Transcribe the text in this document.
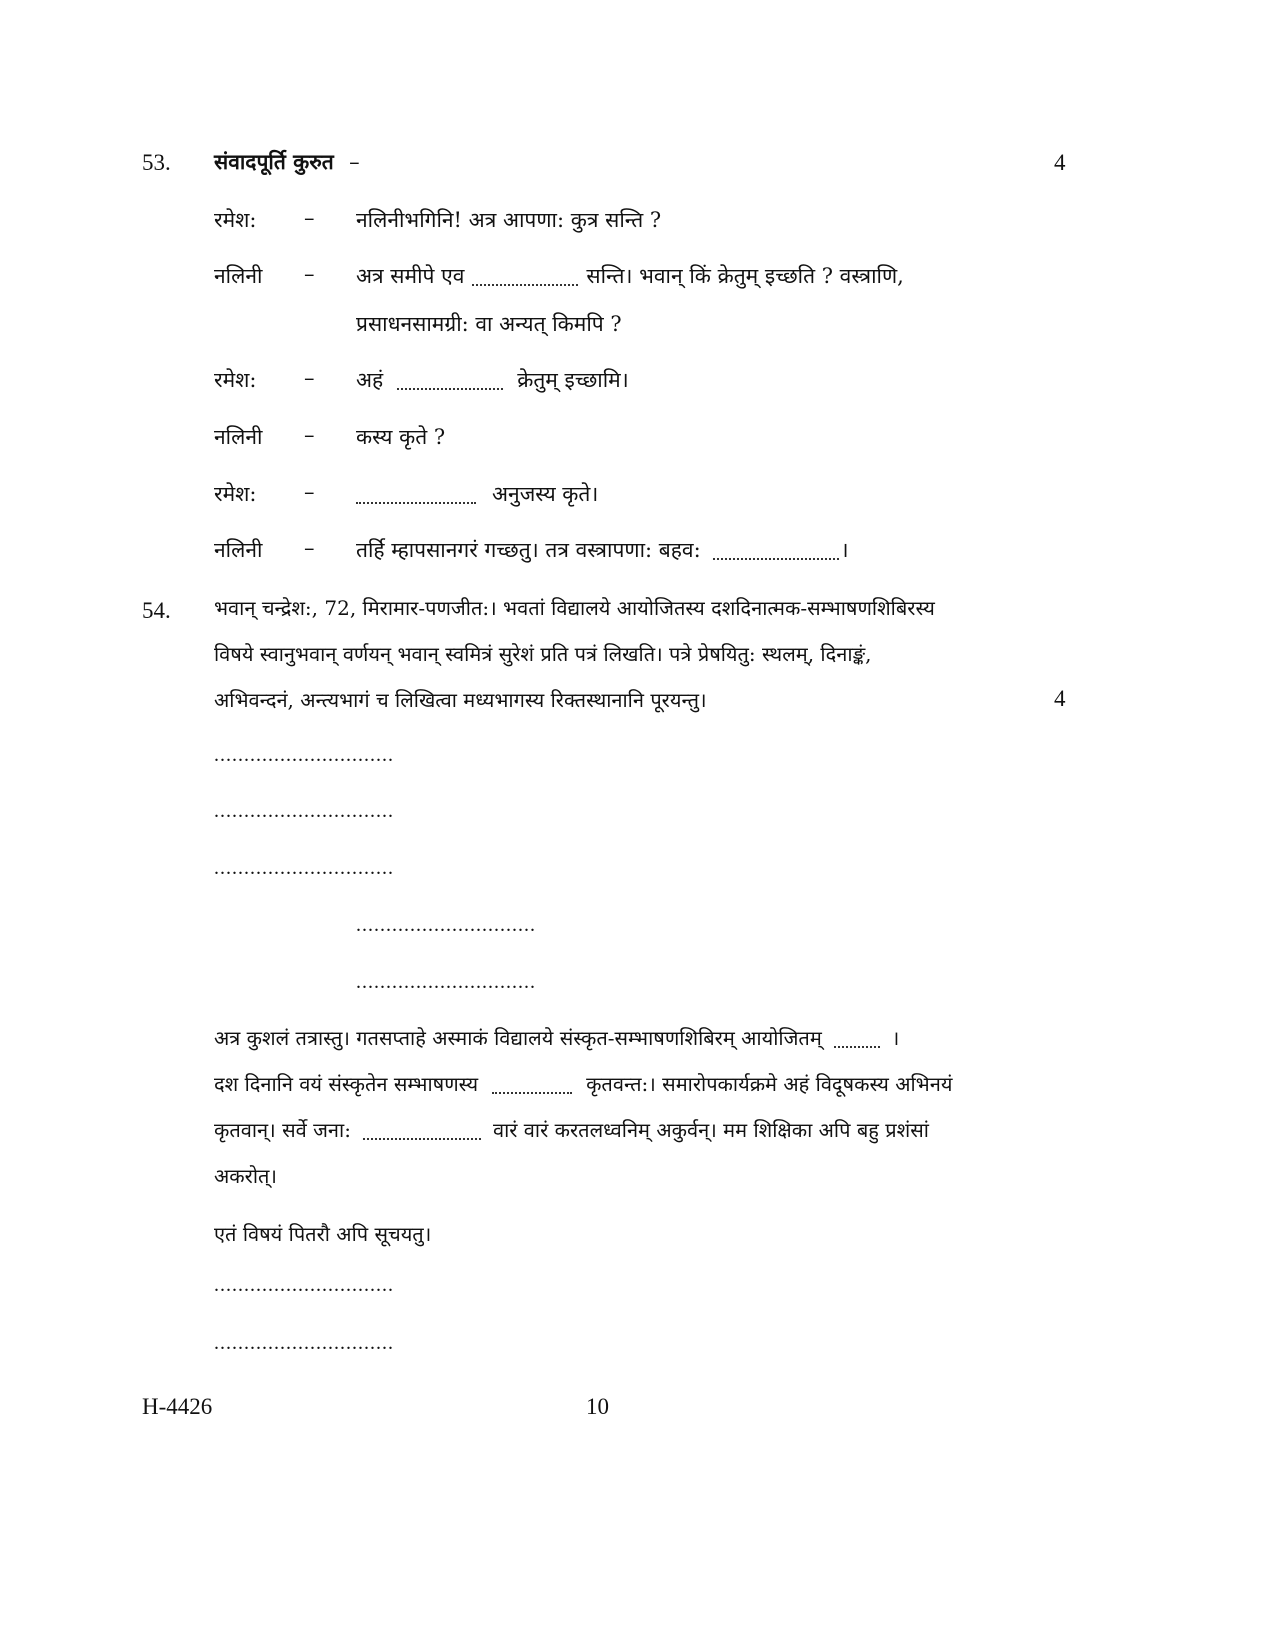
53. संवादपूर्ति कुरुत –	4
रमेश: – नलिनीभगिनि! अत्र आपणा: कुत्र सन्ति ?
नलिनी – अत्र समीपे एव	सन्ति। भवान् किं क्रेतुम् इच्छति ? वस्त्राणि,
प्रसाधनसामग्री: वा अन्यत् किमपि ?
रमेश: – अहं	क्रेतुम् इच्छामि।
नलिनी – कस्य कृते ?
रमेश: –	अनुजस्य कृते।
नलिनी – तर्हि म्हापसानगरं गच्छतु। तत्र वस्त्रापणा: बहव:	।
54. भवान् चन्द्रेश:, 72, मिरामार-पणजीत:। भवतां विद्यालये आयोजितस्य दशदिनात्मक-सम्भाषणशिबिरस्य
विषये स्वानुभवान् वर्णयन् भवान् स्वमित्रं सुरेशं प्रति पत्रं लिखति। पत्रे प्रेषयितु: स्थलम्, दिनाङ्कं,
अभिवन्दनं, अन्त्यभागं च लिखित्वा मध्यभागस्य रिक्तस्थानानि पूरयन्तु।	4
..............................
..............................
..............................
..............................
..............................
अत्र कुशलं तत्रास्तु। गतसप्ताहे अस्माकं विद्यालये संस्कृत-सम्भाषणशिबिरम् आयोजितम्	।
दश दिनानि वयं संस्कृतेन सम्भाषणस्य	कृतवन्त:। समारोपकार्यक्रमे अहं विदूषकस्य अभिनयं
कृतवान्। सर्वे जना:	वारं वारं करतलध्वनिम् अकुर्वन्। मम शिक्षिका अपि बहु प्रशंसां
अकरोत्।
एतं विषयं पितरौ अपि सूचयतु।
..............................
..............................
H-4426	10
